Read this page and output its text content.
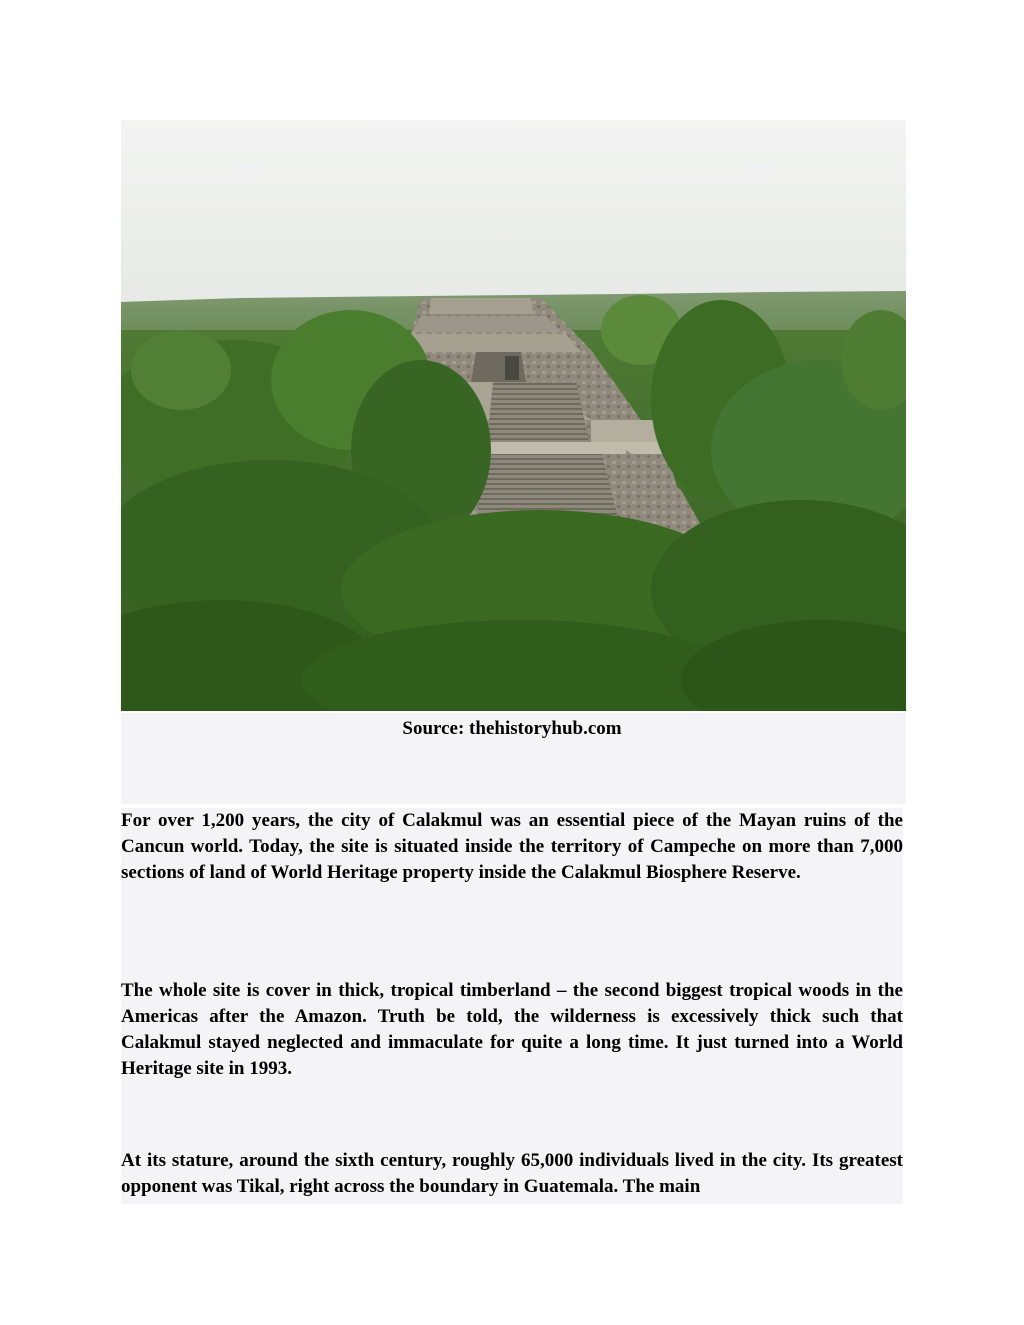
Source: thehistoryhub.com

For over 1,200 years, the city of Calakmul was an essential piece of the Mayan ruins of the Cancun world. Today, the site is situated inside the territory of Campeche on more than 7,000 sections of land of World Heritage property inside the Calakmul Biosphere Reserve.

The whole site is cover in thick, tropical timberland – the second biggest tropical woods in the Americas after the Amazon. Truth be told, the wilderness is excessively thick such that Calakmul stayed neglected and immaculate for quite a long time. It just turned into a World Heritage site in 1993.

At its stature, around the sixth century, roughly 65,000 individuals lived in the city. Its greatest opponent was Tikal, right across the boundary in Guatemala. The main
